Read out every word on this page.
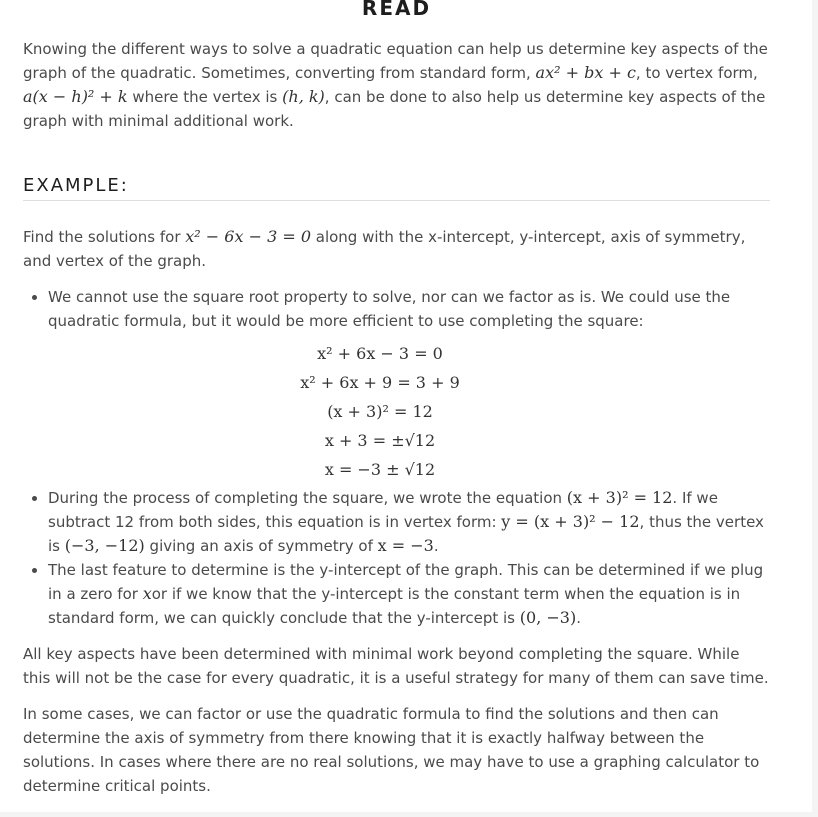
READ

Knowing the different ways to solve a quadratic equation can help us determine key aspects of the graph of the quadratic. Sometimes, converting from standard form, ax² + bx + c, to vertex form, a(x − h)² + k where the vertex is (h, k), can be done to also help us determine key aspects of the graph with minimal additional work.

EXAMPLE:

Find the solutions for x² − 6x − 3 = 0 along with the x-intercept, y-intercept, axis of symmetry, and vertex of the graph.

• We cannot use the square root property to solve, nor can we factor as is. We could use the quadratic formula, but it would be more efficient to use completing the square:
x² + 6x − 3 = 0
x² + 6x + 9 = 3 + 9
(x + 3)² = 12
x + 3 = ±√12
x = −3 ± √12
• During the process of completing the square, we wrote the equation (x + 3)² = 12. If we subtract 12 from both sides, this equation is in vertex form: y = (x + 3)² − 12, thus the vertex is (−3, −12) giving an axis of symmetry of x = −3.
• The last feature to determine is the y-intercept of the graph. This can be determined if we plug in a zero for xor if we know that the y-intercept is the constant term when the equation is in standard form, we can quickly conclude that the y-intercept is (0, −3).

All key aspects have been determined with minimal work beyond completing the square. While this will not be the case for every quadratic, it is a useful strategy for many of them can save time.

In some cases, we can factor or use the quadratic formula to find the solutions and then can determine the axis of symmetry from there knowing that it is exactly halfway between the solutions. In cases where there are no real solutions, we may have to use a graphing calculator to determine critical points.
